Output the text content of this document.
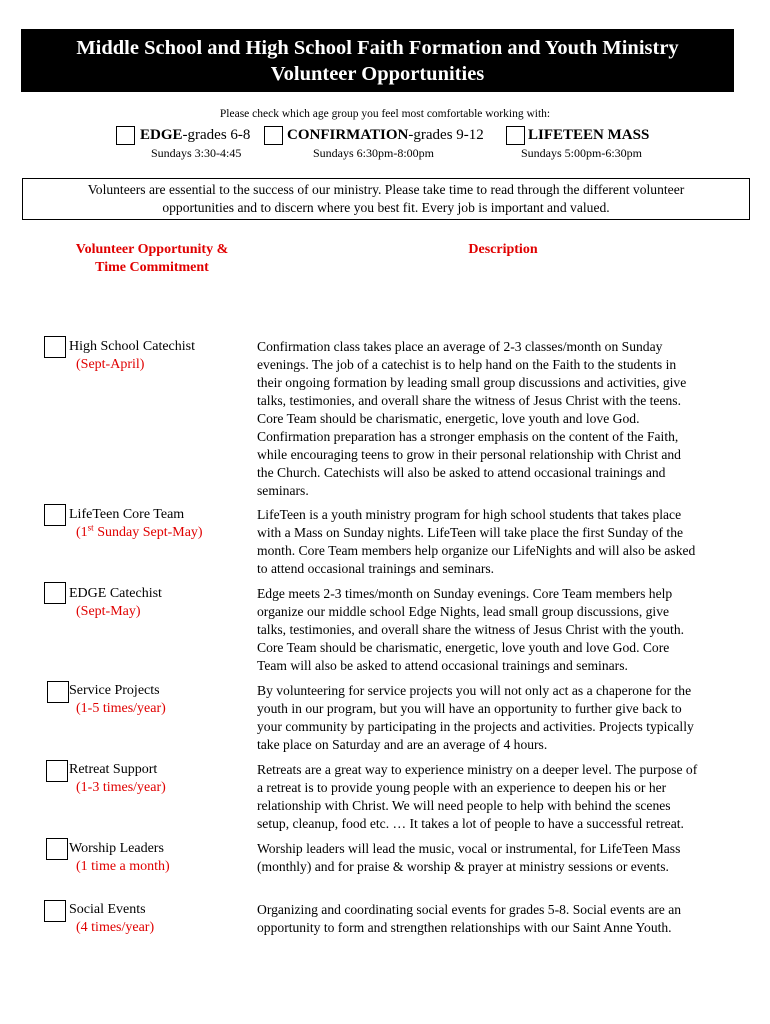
Middle School and High School Faith Formation and Youth Ministry
Volunteer Opportunities
Please check which age group you feel most comfortable working with:
EDGE-grades 6-8
Sundays 3:30-4:45
CONFIRMATION-grades 9-12
Sundays 6:30pm-8:00pm
LIFETEEN MASS
Sundays 5:00pm-6:30pm
Volunteers are essential to the success of our ministry. Please take time to read through the different volunteer
opportunities and to discern where you best fit. Every job is important and valued.
Volunteer Opportunity &
Time Commitment
Description
High School Catechist
(Sept-April)
Confirmation class takes place an average of 2-3 classes/month on Sunday
evenings. The job of a catechist is to help hand on the Faith to the students in
their ongoing formation by leading small group discussions and activities, give
talks, testimonies, and overall share the witness of Jesus Christ with the teens.
Core Team should be charismatic, energetic, love youth and love God.
Confirmation preparation has a stronger emphasis on the content of the Faith,
while encouraging teens to grow in their personal relationship with Christ and
the Church. Catechists will also be asked to attend occasional trainings and
seminars.
LifeTeen Core Team
(1st Sunday Sept-May)
LifeTeen is a youth ministry program for high school students that takes place
with a Mass on Sunday nights. LifeTeen will take place the first Sunday of the
month. Core Team members help organize our LifeNights and will also be asked
to attend occasional trainings and seminars.
EDGE Catechist
(Sept-May)
Edge meets 2-3 times/month on Sunday evenings. Core Team members help
organize our middle school Edge Nights, lead small group discussions, give
talks, testimonies, and overall share the witness of Jesus Christ with the youth.
Core Team should be charismatic, energetic, love youth and love God. Core
Team will also be asked to attend occasional trainings and seminars.
Service Projects
(1-5 times/year)
By volunteering for service projects you will not only act as a chaperone for the
youth in our program, but you will have an opportunity to further give back to
your community by participating in the projects and activities. Projects typically
take place on Saturday and are an average of 4 hours.
Retreat Support
(1-3 times/year)
Retreats are a great way to experience ministry on a deeper level. The purpose of
a retreat is to provide young people with an experience to deepen his or her
relationship with Christ. We will need people to help with behind the scenes
setup, cleanup, food etc. … It takes a lot of people to have a successful retreat.
Worship Leaders
(1 time a month)
Worship leaders will lead the music, vocal or instrumental, for LifeTeen Mass
(monthly) and for praise & worship & prayer at ministry sessions or events.
Social Events
(4 times/year)
Organizing and coordinating social events for grades 5-8. Social events are an
opportunity to form and strengthen relationships with our Saint Anne Youth.
